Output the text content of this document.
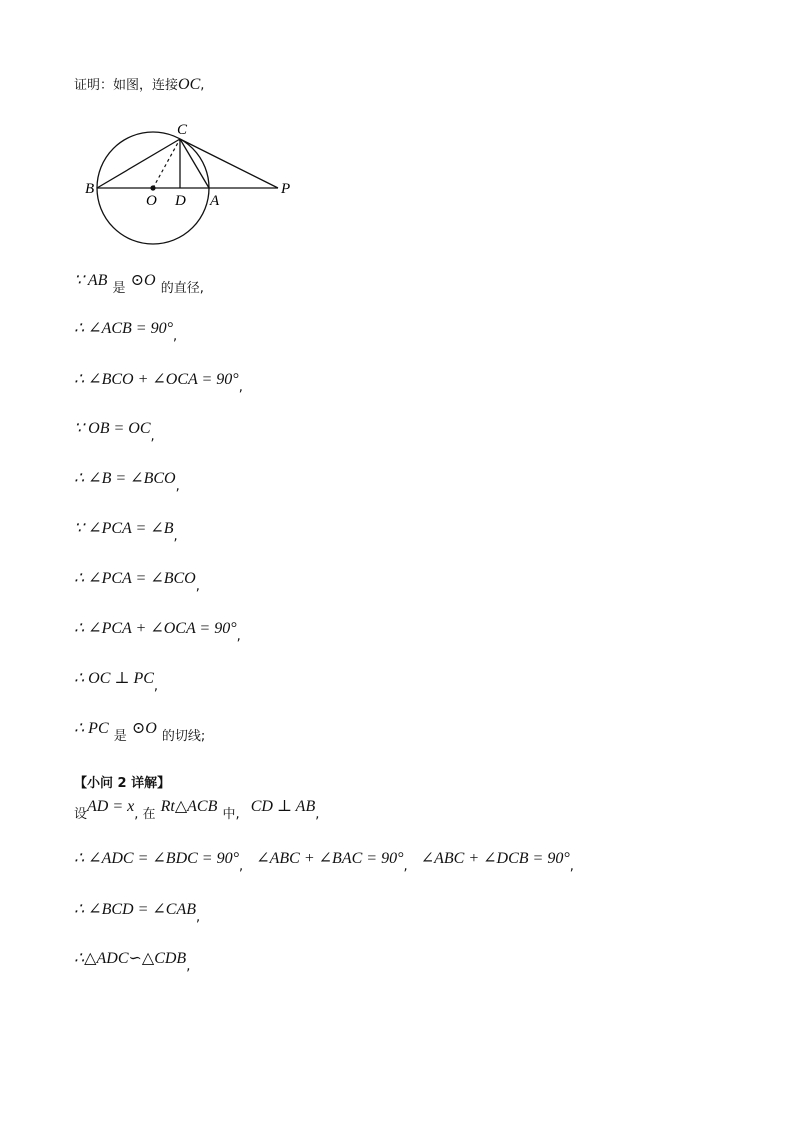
证明：如图，连接OC,
C
B
O D A
P
∵ AB $_是$ ⊙O $_{的直径,}$
∴ ∠ACB = $90^\circ_,$
∴ ∠BCO + ∠OCA = $90^\circ_,$
∵ OB = $OC_,$
∴ ∠B = $\angle BCO_,$
∵ ∠PCA = $\angle B_,$
∴ ∠PCA = $\angle BCO_,$
∴ ∠PCA + ∠OCA = $90^\circ_,$
∴ OC ⊥ $PC_,$
∴ PC $_是$ ⊙O $_{的切线;}$
【小问 2 详解】
$_设AD = x_{, 在}$ Rt△ACB $_{中,}$ CD ⊥ $AB_,$
∴ ∠ADC = ∠BDC = $90^\circ_,$ ∠ABC + ∠BAC = $90^\circ_,$ ∠ABC + ∠DCB = $90^\circ_,$
∴ ∠BCD = $\angle CAB_,$
$\therefore\triangle ADC∽\triangle CDB_,$
